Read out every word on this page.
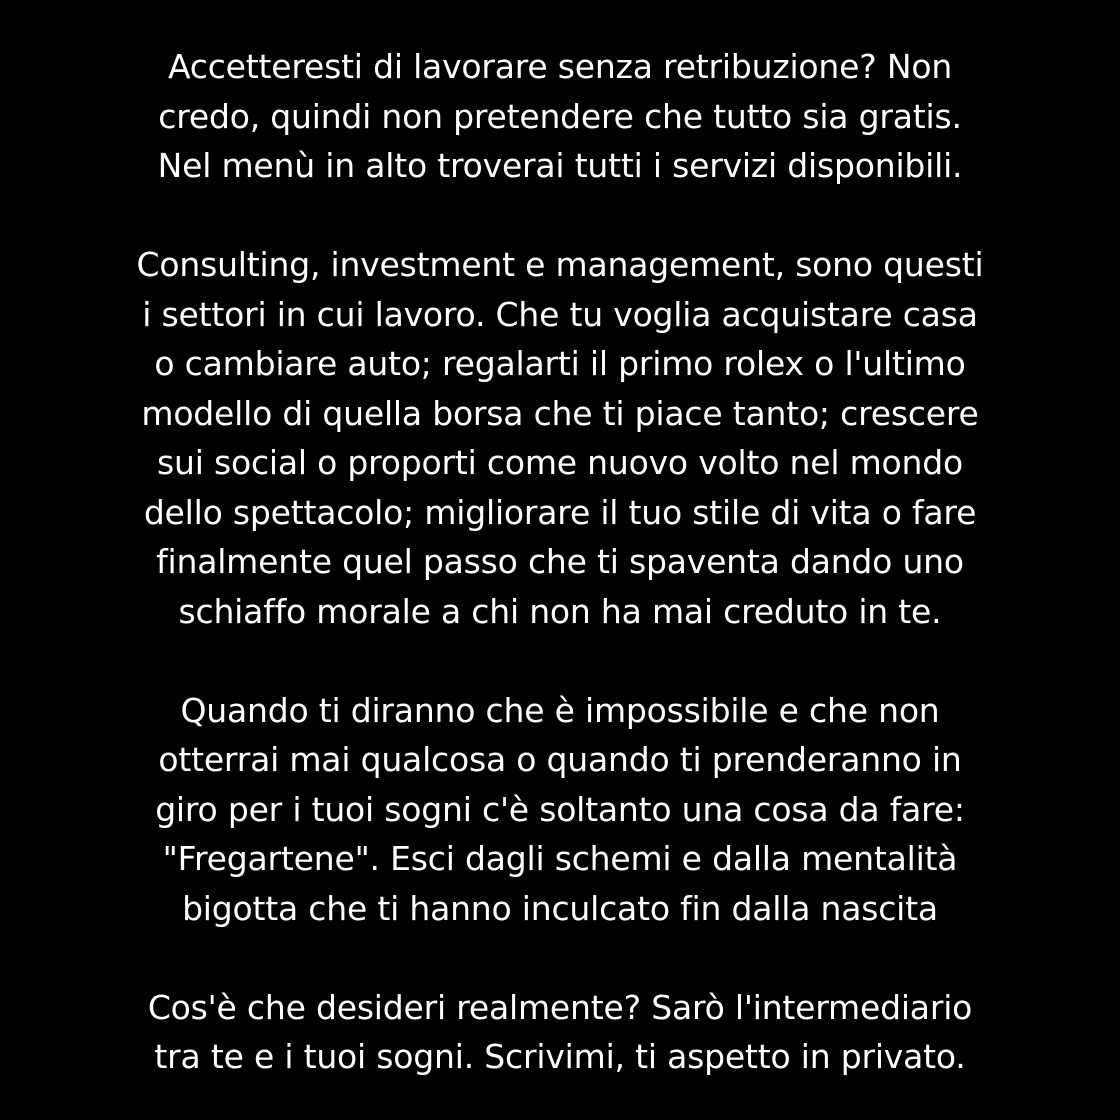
Accetteresti di lavorare senza retribuzione? Non
credo, quindi non pretendere che tutto sia gratis.
Nel menù in alto troverai tutti i servizi disponibili.

Consulting, investment e management, sono questi
i settori in cui lavoro. Che tu voglia acquistare casa
o cambiare auto; regalarti il primo rolex o l'ultimo
modello di quella borsa che ti piace tanto; crescere
sui social o proporti come nuovo volto nel mondo
dello spettacolo; migliorare il tuo stile di vita o fare
finalmente quel passo che ti spaventa dando uno
schiaffo morale a chi non ha mai creduto in te.

Quando ti diranno che è impossibile e che non
otterrai mai qualcosa o quando ti prenderanno in
giro per i tuoi sogni c'è soltanto una cosa da fare:
"Fregartene". Esci dagli schemi e dalla mentalità
bigotta che ti hanno inculcato fin dalla nascita

Cos'è che desideri realmente? Sarò l'intermediario
tra te e i tuoi sogni. Scrivimi, ti aspetto in privato.
